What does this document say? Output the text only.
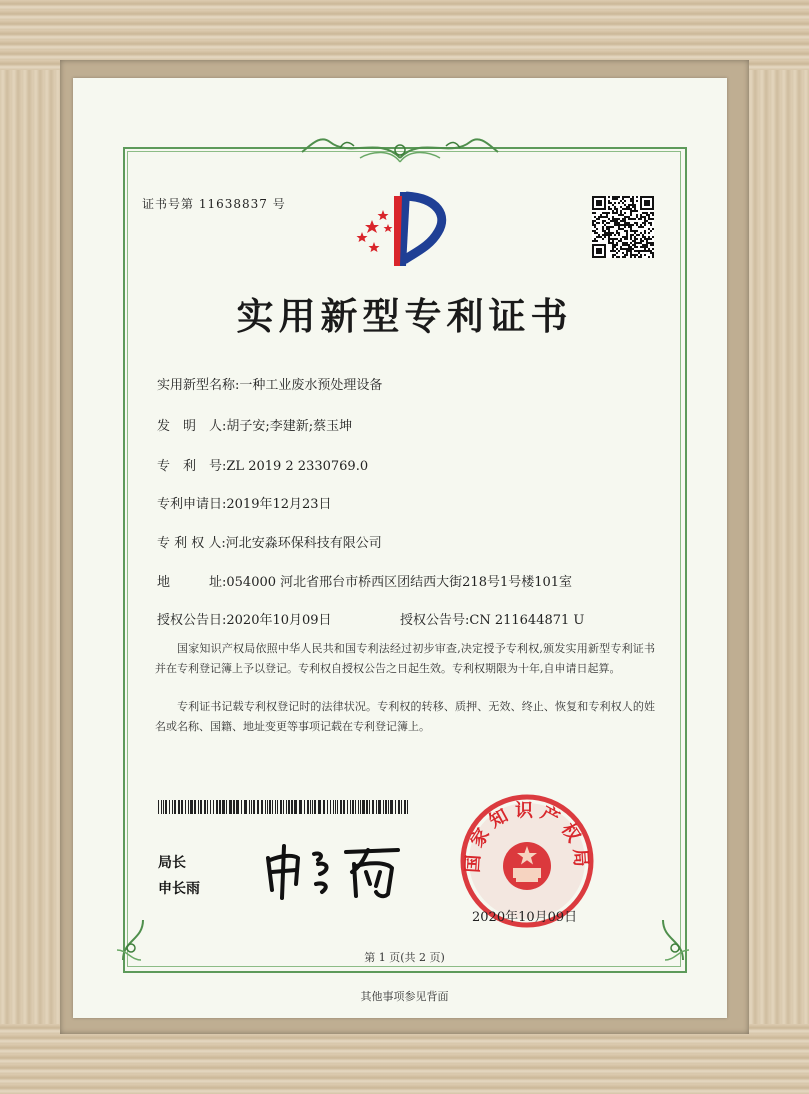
证书号第 11638837 号
实用新型专利证书
实用新型名称:一种工业废水预处理设备
发　明　人:胡子安;李建新;蔡玉坤
专　利　号:ZL 2019 2 2330769.0
专利申请日:2019年12月23日
专 利 权 人:河北安淼环保科技有限公司
地　　　址:054000 河北省邢台市桥西区团结西大街218号1号楼101室
授权公告日:2020年10月09日	授权公告号:CN 211644871 U
国家知识产权局依照中华人民共和国专利法经过初步审查,决定授予专利权,颁发实用新型专利证书并在专利登记簿上予以登记。专利权自授权公告之日起生效。专利权期限为十年,自申请日起算。
专利证书记载专利权登记时的法律状况。专利权的转移、质押、无效、终止、恢复和专利权人的姓名或名称、国籍、地址变更等事项记载在专利登记簿上。
局长
申长雨
国家知识产权局
2020年10月09日
第 1 页(共 2 页)
其他事项参见背面
